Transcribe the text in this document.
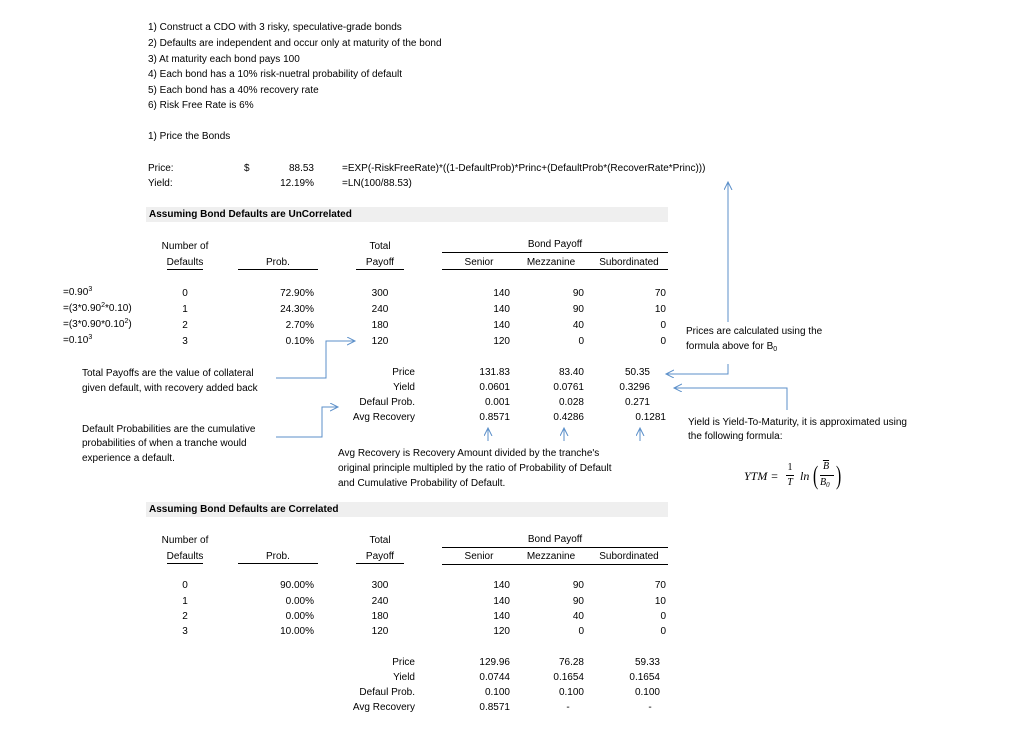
1) Construct a CDO with 3 risky, speculative-grade bonds
2) Defaults are independent and occur only at maturity of the bond
3) At maturity each bond pays 100
4) Each bond has a 10% risk-nuetral probability of default
5) Each bond has a 40% recovery rate
6) Risk Free Rate is 6%
1) Price the Bonds
Price:	$	88.53	=EXP(-RiskFreeRate)*((1-DefaultProb)*Princ+(DefaultProb*(RecoverRate*Princ)))
Yield:	12.19%	=LN(100/88.53)
Assuming Bond Defaults are UnCorrelated
Number of
Defaults	Prob.
Total
Payoff
Bond Payoff
Senior	Mezzanine	Subordinated
$=0.90^3$
$=(3*0.90^2*0.10)$
$=(3*0.90*0.10^2)$
$=0.10^3$
0	72.90%	300	140	90	70
1	24.30%	240	140	90	10
2	2.70%	180	140	40	0
3	0.10%	120	120	0	0
Price	131.83	83.40	50.35
Yield	0.0601	0.0761	0.3296
Defaul Prob.	0.001	0.028	0.271
Avg Recovery	0.8571	0.4286	0.1281
Total Payoffs are the value of collateral
given default, with recovery added back
Default Probabilities are the cumulative
probabilities of when a tranche would
experience a default.	Avg Recovery is Recovery Amount divided by the tranche's
original principle multipled by the ratio of Probability of Default
and Cumulative Probability of Default.
Prices are calculated using the
formula above for $B_0$
Yield is Yield-To-Maturity, it is approximated using
the following formula:
YTM =
1
T ln ( $\overline{B}$
$B_0$ )
Assuming Bond Defaults are Correlated
Number of
Defaults	Prob.
Total
Payoff
Bond Payoff
Senior	Mezzanine	Subordinated
0	90.00%	300	140	90	70
1	0.00%	240	140	90	10
2	0.00%	180	140	40	0
3	10.00%	120	120	0	0
Price	129.96	76.28	59.33
Yield	0.0744	0.1654	0.1654
Defaul Prob.	0.100	0.100	0.100
Avg Recovery	0.8571	-	-
